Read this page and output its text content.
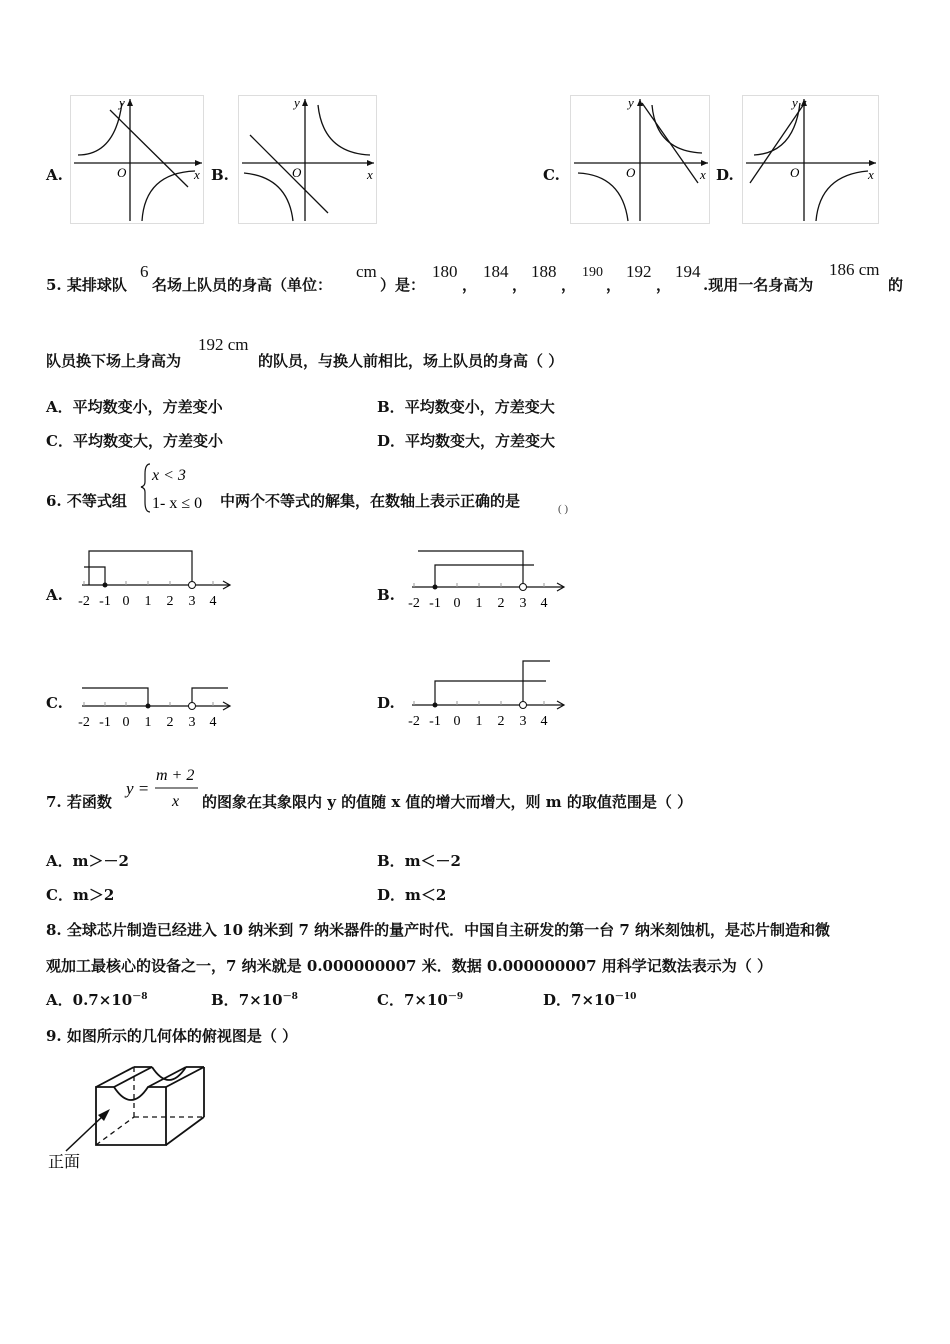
A.	B.	C.	D.
y
x
O
y
x
O
y
x
O
y
x
O
5. 某排球队
6
名场上队员的身高（单位：
cm
）是：
180
，
184
，
188
，
190
，
192
，
194
.现用一名身高为
186 cm
的
队员换下场上身高为
192 cm
的队员，与换人前相比，场上队员的身高（ ）
A．平均数变小，方差变小	B．平均数变小，方差变大
C．平均数变大，方差变小	D．平均数变大，方差变大
6. 不等式组
x < 3
1- x ≤ 0 中两个不等式的解集，在数轴上表示正确的是	( )
A.	B.
C.	D.
-2 -1 0 1 2 3 4	-2 -1 0 1 2 3 4
-2 -1 0 1 2 3 4	-2 -1 0 1 2 3 4
7. 若函数
y =
m + 2
x 的图象在其象限内 y 的值随 x 值的增大而增大，则 m 的取值范围是（ ）
A．m＞－2	B．m＜－2
C．m＞2	D．m＜2
8. 全球芯片制造已经进入 10 纳米到 7 纳米器件的量产时代．中国自主研发的第一台 7 纳米刻蚀机，是芯片制造和微
观加工最核心的设备之一，7 纳米就是 0.000000007 米．数据 0.000000007 用科学记数法表示为（ ）
A．$0.7\times 10^{-8}$	B．$7\times 10^{-8}$	C．$7\times 10^{-9}$	D．$7\times 10^{-10}$
9. 如图所示的几何体的俯视图是（ ）
正面
